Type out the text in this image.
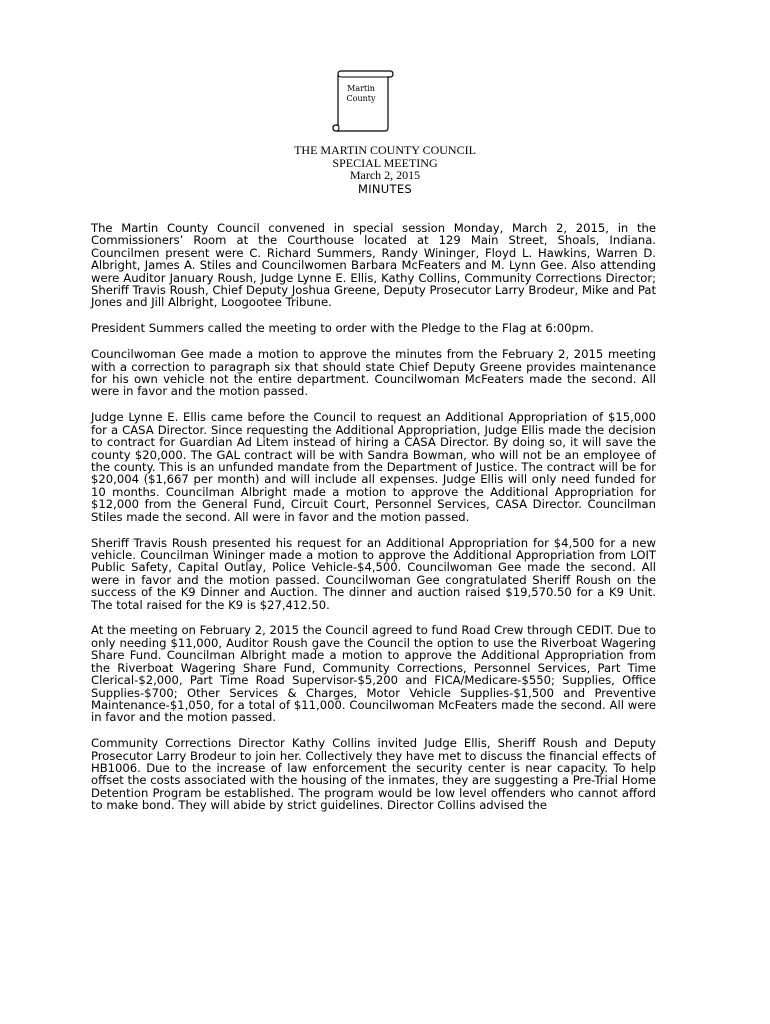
Martin
County
THE MARTIN COUNTY COUNCIL
SPECIAL MEETING
March 2, 2015
MINUTES

The Martin County Council convened in special session Monday, March 2, 2015, in the Commissioners’ Room at the Courthouse located at 129 Main Street, Shoals, Indiana. Councilmen present were C. Richard Summers, Randy Wininger, Floyd L. Hawkins, Warren D. Albright, James A. Stiles and Councilwomen Barbara McFeaters and M. Lynn Gee. Also attending were Auditor January Roush, Judge Lynne E. Ellis, Kathy Collins, Community Corrections Director; Sheriff Travis Roush, Chief Deputy Joshua Greene, Deputy Prosecutor Larry Brodeur, Mike and Pat Jones and Jill Albright, Loogootee Tribune.

President Summers called the meeting to order with the Pledge to the Flag at 6:00pm.

Councilwoman Gee made a motion to approve the minutes from the February 2, 2015 meeting with a correction to paragraph six that should state Chief Deputy Greene provides maintenance for his own vehicle not the entire department. Councilwoman McFeaters made the second. All were in favor and the motion passed.

Judge Lynne E. Ellis came before the Council to request an Additional Appropriation of $15,000 for a CASA Director. Since requesting the Additional Appropriation, Judge Ellis made the decision to contract for Guardian Ad Litem instead of hiring a CASA Director. By doing so, it will save the county $20,000. The GAL contract will be with Sandra Bowman, who will not be an employee of the county. This is an unfunded mandate from the Department of Justice. The contract will be for $20,004 ($1,667 per month) and will include all expenses. Judge Ellis will only need funded for 10 months. Councilman Albright made a motion to approve the Additional Appropriation for $12,000 from the General Fund, Circuit Court, Personnel Services, CASA Director. Councilman Stiles made the second. All were in favor and the motion passed.

Sheriff Travis Roush presented his request for an Additional Appropriation for $4,500 for a new vehicle. Councilman Wininger made a motion to approve the Additional Appropriation from LOIT Public Safety, Capital Outlay, Police Vehicle-$4,500. Councilwoman Gee made the second. All were in favor and the motion passed. Councilwoman Gee congratulated Sheriff Roush on the success of the K9 Dinner and Auction. The dinner and auction raised $19,570.50 for a K9 Unit. The total raised for the K9 is $27,412.50.

At the meeting on February 2, 2015 the Council agreed to fund Road Crew through CEDIT. Due to only needing $11,000, Auditor Roush gave the Council the option to use the Riverboat Wagering Share Fund. Councilman Albright made a motion to approve the Additional Appropriation from the Riverboat Wagering Share Fund, Community Corrections, Personnel Services, Part Time Clerical-$2,000, Part Time Road Supervisor-$5,200 and FICA/Medicare-$550; Supplies, Office Supplies-$700; Other Services & Charges, Motor Vehicle Supplies-$1,500 and Preventive Maintenance-$1,050, for a total of $11,000. Councilwoman McFeaters made the second. All were in favor and the motion passed.

Community Corrections Director Kathy Collins invited Judge Ellis, Sheriff Roush and Deputy Prosecutor Larry Brodeur to join her. Collectively they have met to discuss the financial effects of HB1006. Due to the increase of law enforcement the security center is near capacity. To help offset the costs associated with the housing of the inmates, they are suggesting a Pre-Trial Home Detention Program be established. The program would be low level offenders who cannot afford to make bond. They will abide by strict guidelines. Director Collins advised the
